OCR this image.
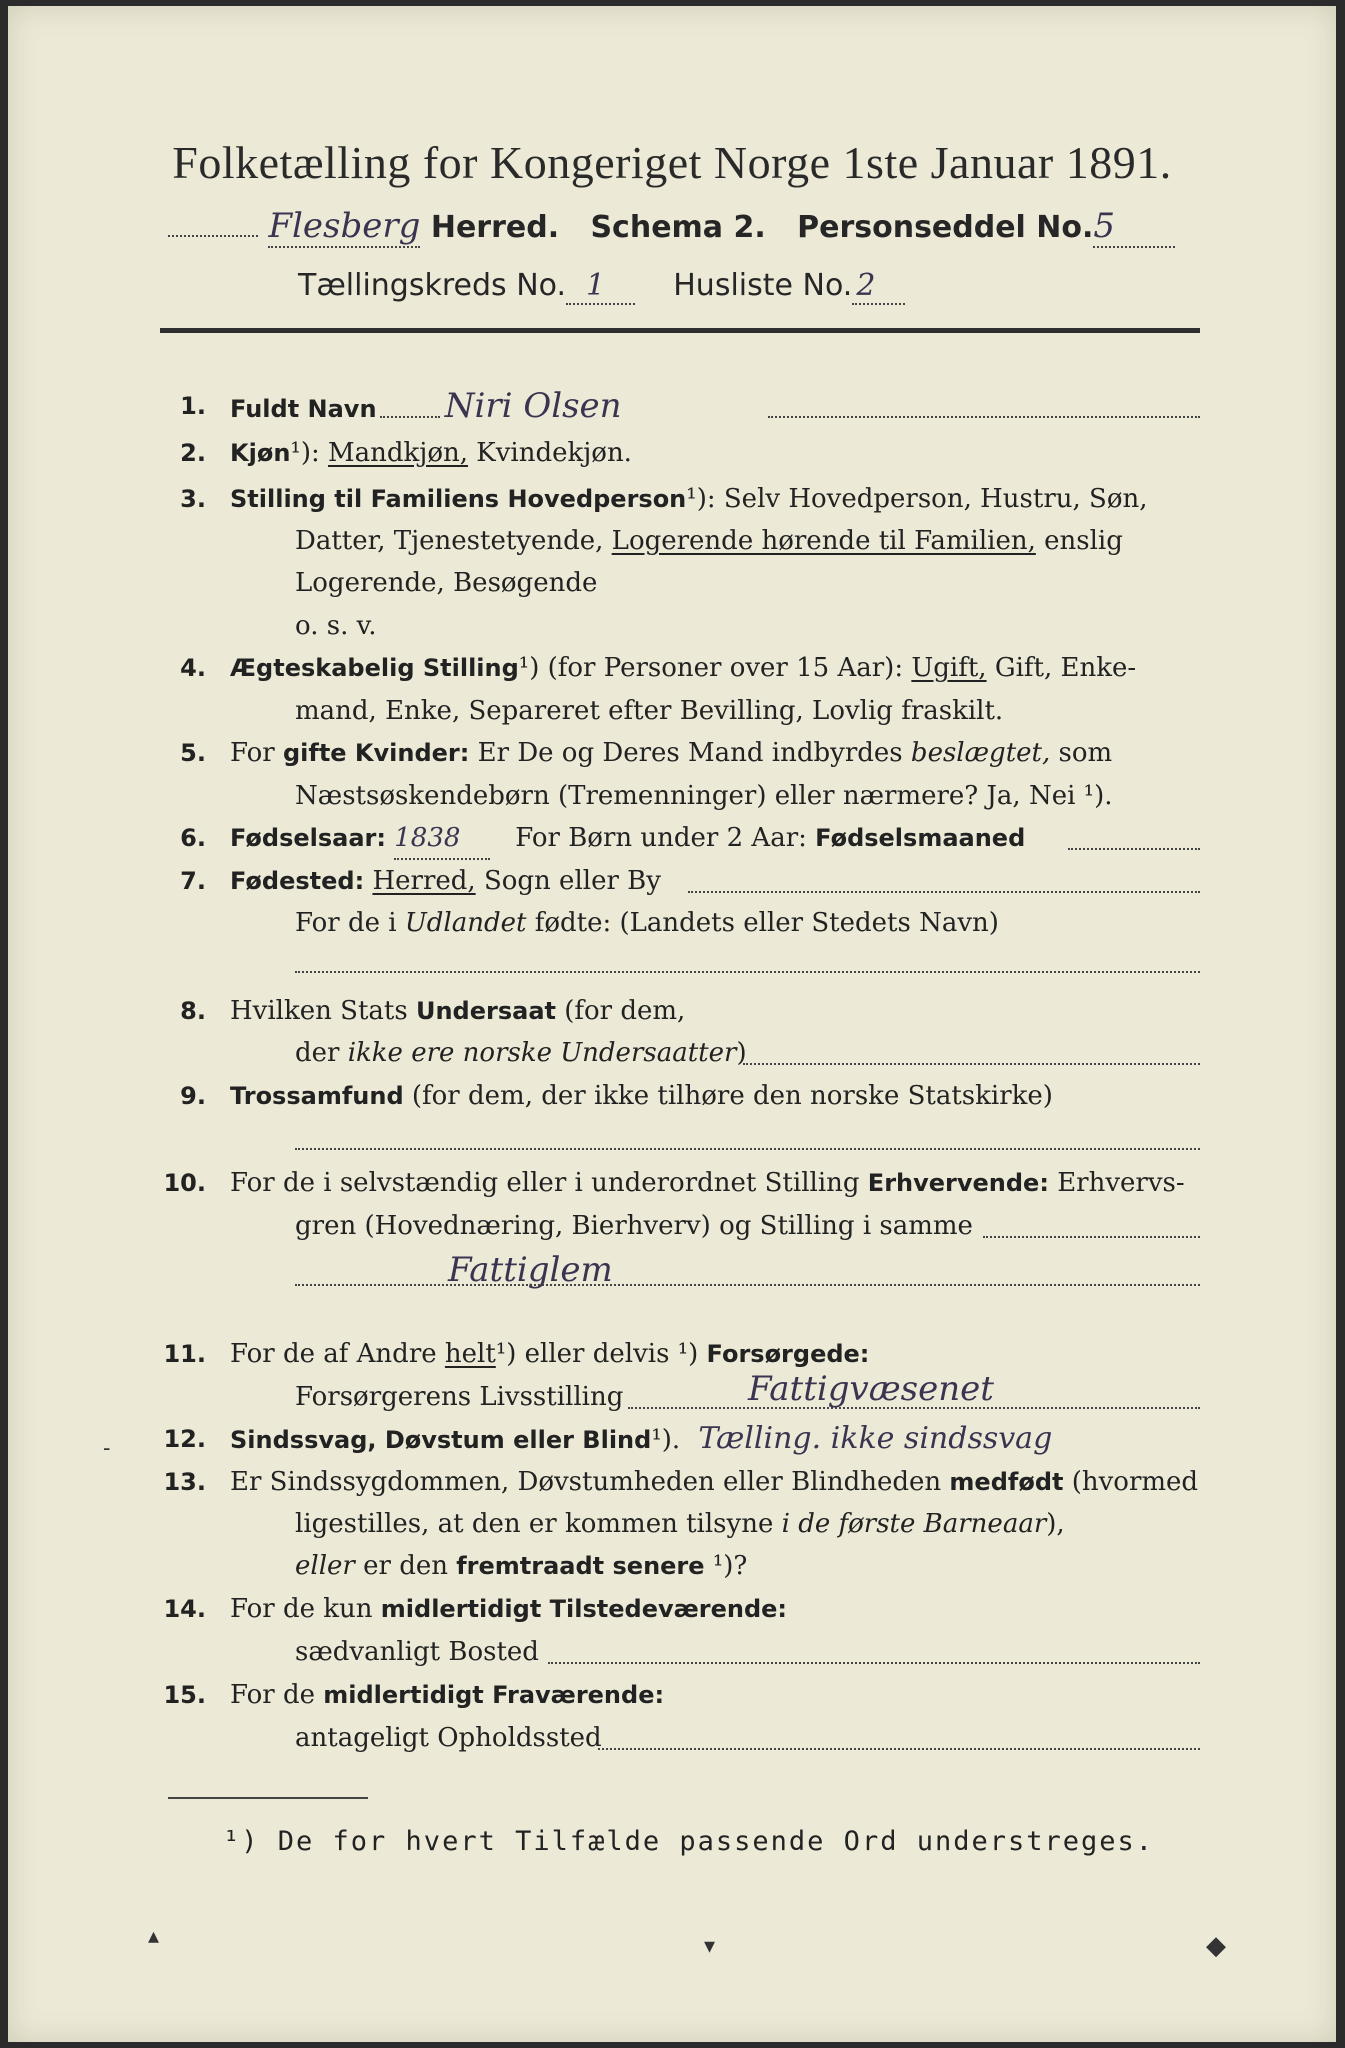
Folketælling for Kongeriget Norge 1ste Januar 1891.
Flesberg Herred. Schema 2. Personseddel No.5
Tællingskreds No. 1 Husliste No. 2
1. Fuldt Navn Niri Olsen
2. Kjøn¹): Mandkjøn, Kvindekjøn.
3. Stilling til Familiens Hovedperson¹): Selv Hovedperson, Hustru, Søn,
Datter, Tjenestetyende, Logerende hørende til Familien, enslig
Logerende, Besøgende
o. s. v.
4. Ægteskabelig Stilling¹) (for Personer over 15 Aar): Ugift, Gift, Enke-
mand, Enke, Separeret efter Bevilling, Lovlig fraskilt.
5. For gifte Kvinder: Er De og Deres Mand indbyrdes beslægtet, som
Næstsøskendebørn (Tremenninger) eller nærmere? Ja, Nei ¹).
6. Fødselsaar: 1838 For Børn under 2 Aar: Fødselsmaaned
7. Fødested: Herred, Sogn eller By
For de i Udlandet fødte: (Landets eller Stedets Navn)
8. Hvilken Stats Undersaat (for dem,
der ikke ere norske Undersaatter)
9. Trossamfund (for dem, der ikke tilhøre den norske Statskirke)
10. For de i selvstændig eller i underordnet Stilling Erhvervende: Erhvervs-
gren (Hovednæring, Bierhverv) og Stilling i samme
Fattiglem
11. For de af Andre helt¹) eller delvis ¹) Forsørgede:
Forsørgerens Livsstilling	Fattigvæsenet
12. Sindssvag, Døvstum eller Blind¹). Tælling. ikke sindssvag
13. Er Sindssygdommen, Døvstumheden eller Blindheden medfødt (hvormed
ligestilles, at den er kommen tilsyne i de første Barneaar),
eller er den fremtraadt senere ¹)?
14. For de kun midlertidigt Tilstedeværende:
sædvanligt Bosted
15. For de midlertidigt Fraværende:
antageligt Opholdssted
¹) De for hvert Tilfælde passende Ord understreges.
▴	▾	◆
-
